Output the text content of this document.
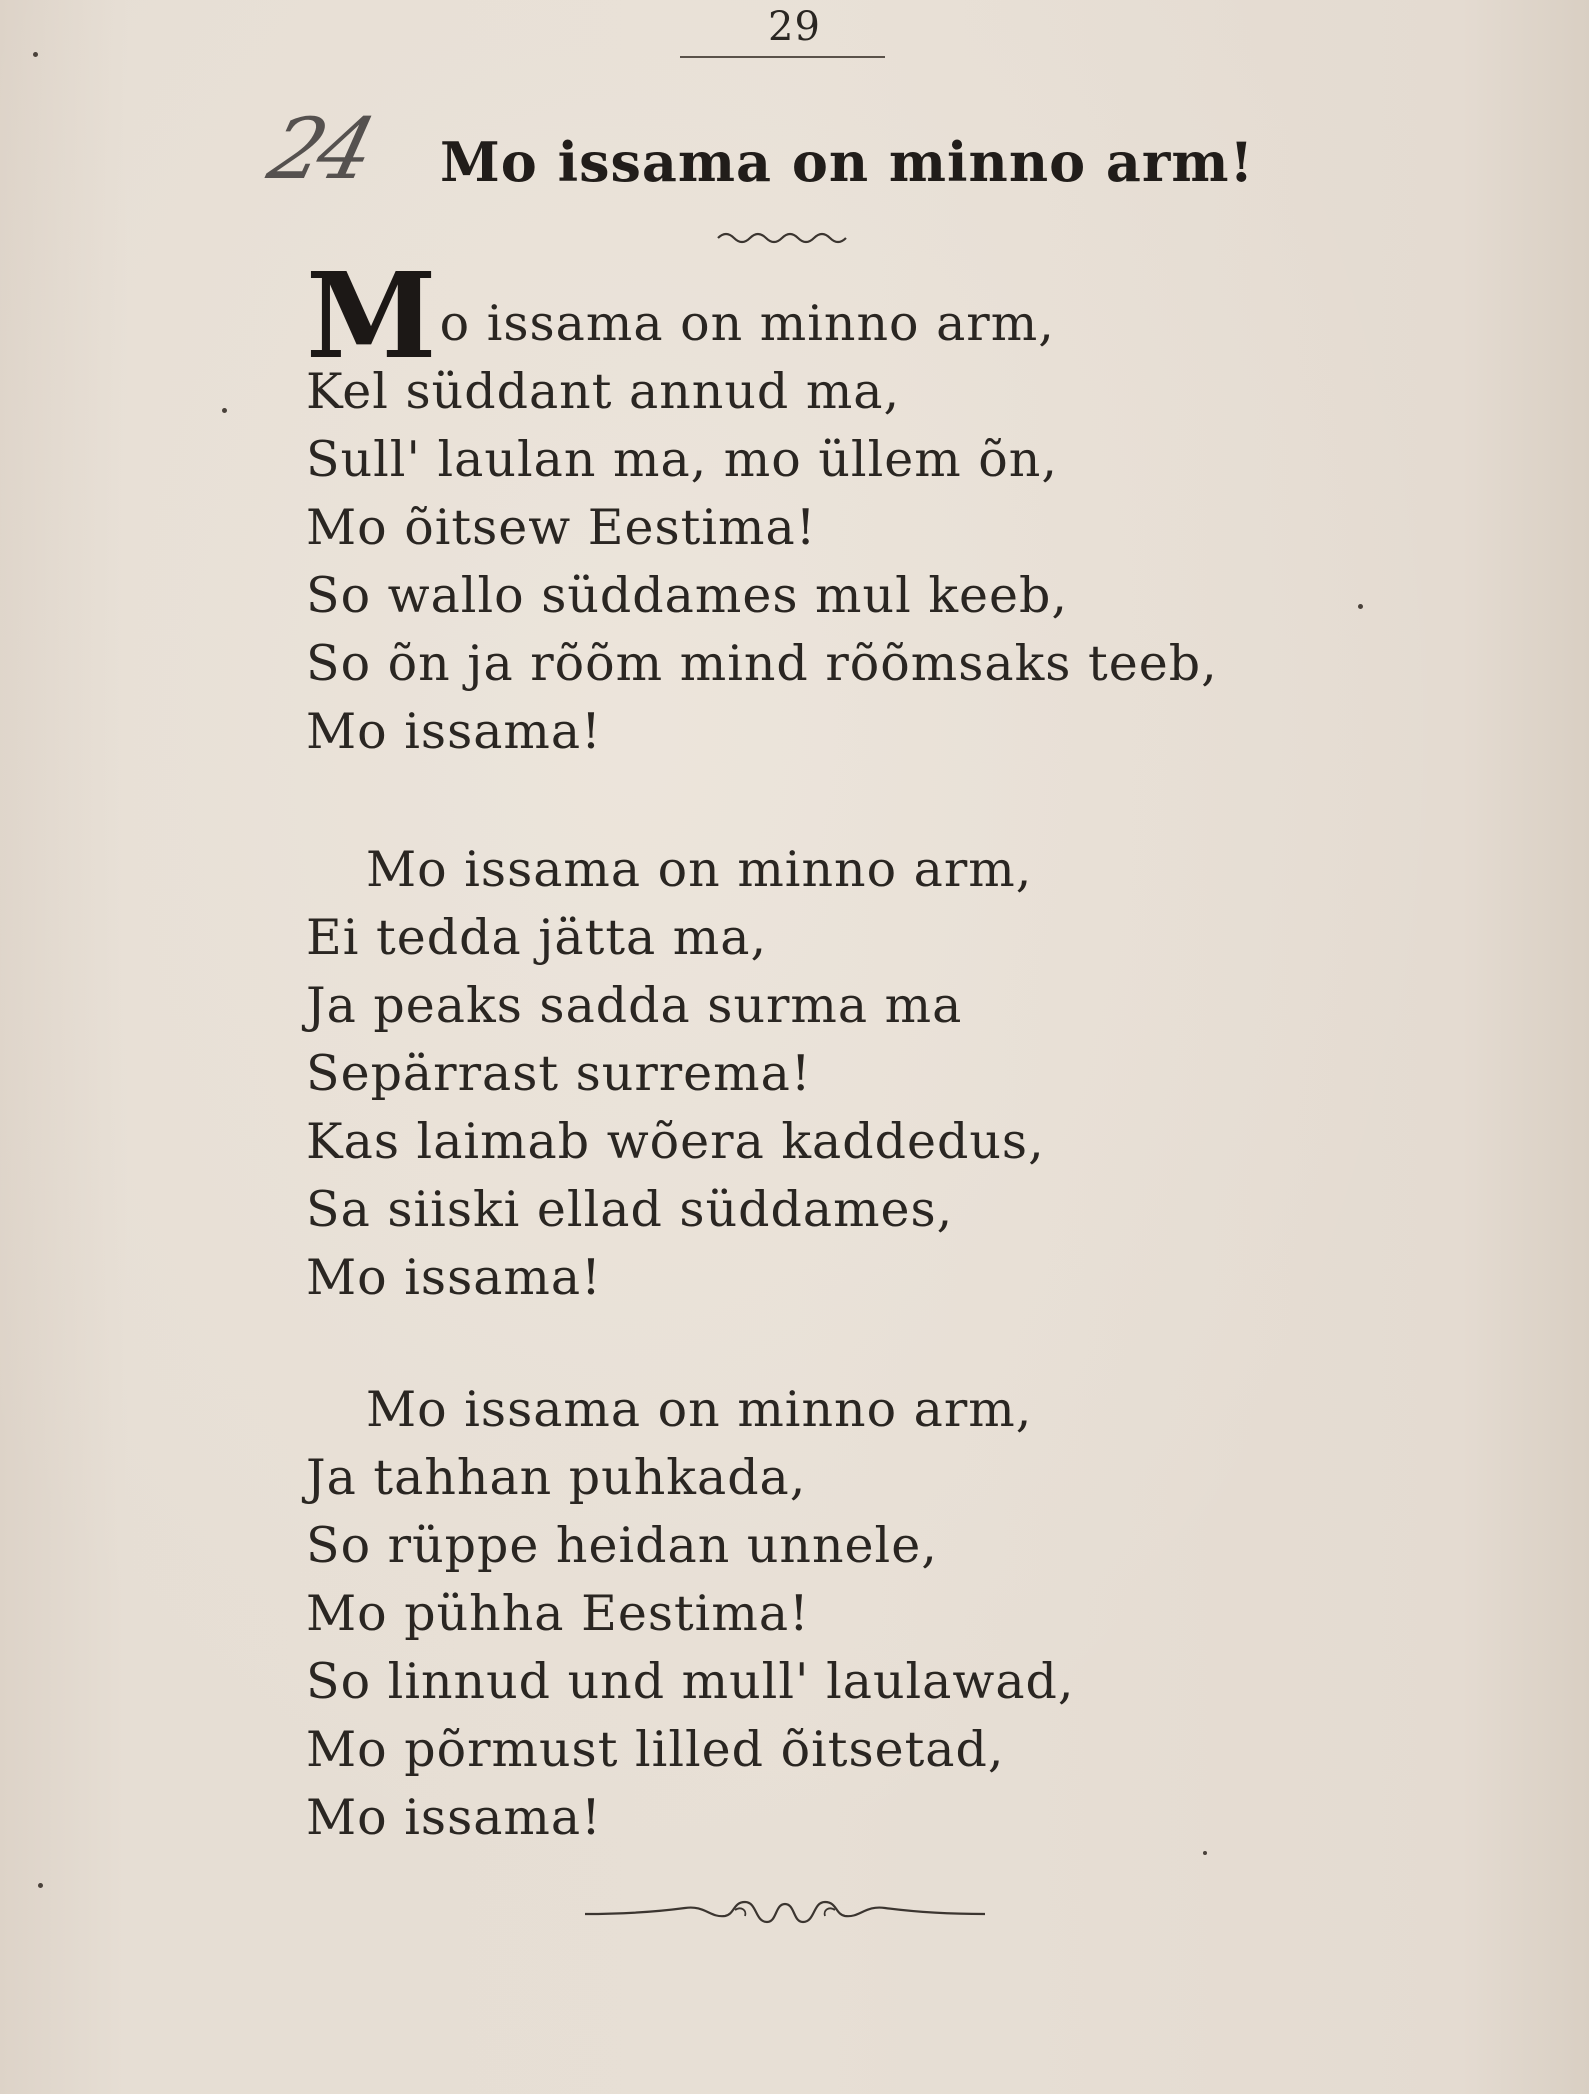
29
24 Mo issama on minno arm!
Mo issama on minno arm,
Kel süddant annud ma,
Sull' laulan ma, mo üllem õn,
Mo õitsew Eestima!
So wallo süddames mul keeb,
So õn ja rõõm mind rõõmsaks teeb,
Mo issama!
Mo issama on minno arm,
Ei tedda jätta ma,
Ja peaks sadda surma ma
Sepärrast surrema!
Kas laimab wõera kaddedus,
Sa siiski ellad süddames,
Mo issama!
Mo issama on minno arm,
Ja tahhan puhkada,
So rüppe heidan unnele,
Mo pühha Eestima!
So linnud und mull' laulawad,
Mo põrmust lilled õitsetad,
Mo issama!
